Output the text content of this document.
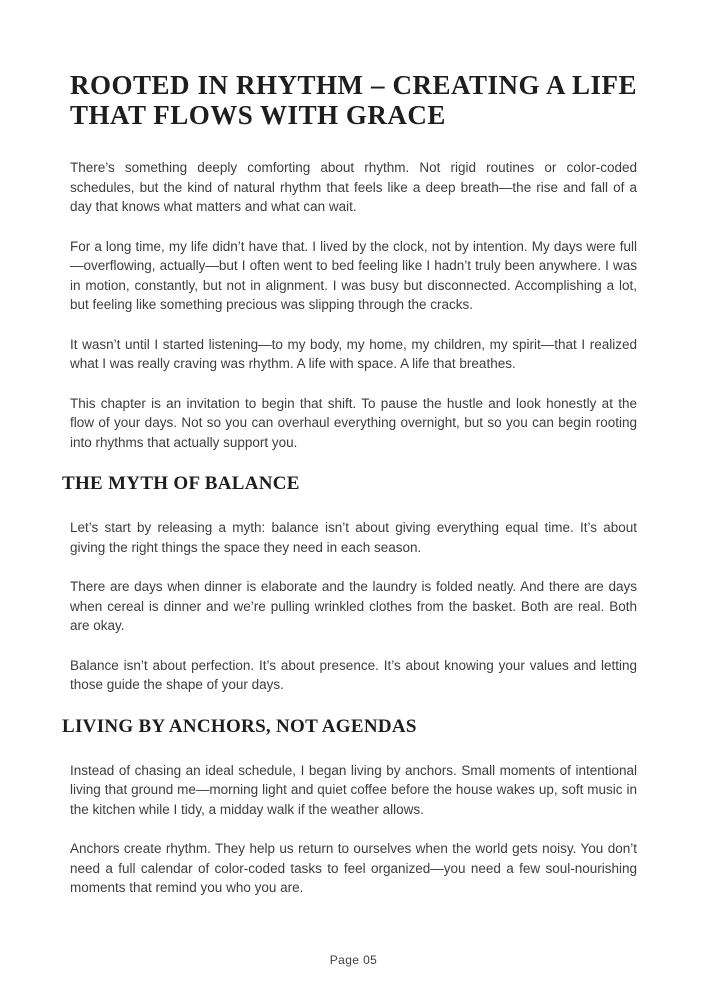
ROOTED IN RHYTHM – CREATING A LIFE
THAT FLOWS WITH GRACE

There’s something deeply comforting about rhythm. Not rigid routines or color-coded schedules, but the kind of natural rhythm that feels like a deep breath—the rise and fall of a day that knows what matters and what can wait.

For a long time, my life didn’t have that. I lived by the clock, not by intention. My days were full—overflowing, actually—but I often went to bed feeling like I hadn’t truly been anywhere. I was in motion, constantly, but not in alignment. I was busy but disconnected. Accomplishing a lot, but feeling like something precious was slipping through the cracks.

It wasn’t until I started listening—to my body, my home, my children, my spirit—that I realized what I was really craving was rhythm. A life with space. A life that breathes.

This chapter is an invitation to begin that shift. To pause the hustle and look honestly at the flow of your days. Not so you can overhaul everything overnight, but so you can begin rooting into rhythms that actually support you.

THE MYTH OF BALANCE

Let’s start by releasing a myth: balance isn’t about giving everything equal time. It’s about giving the right things the space they need in each season.

There are days when dinner is elaborate and the laundry is folded neatly. And there are days when cereal is dinner and we’re pulling wrinkled clothes from the basket. Both are real. Both are okay.

Balance isn’t about perfection. It’s about presence. It’s about knowing your values and letting those guide the shape of your days.

LIVING BY ANCHORS, NOT AGENDAS

Instead of chasing an ideal schedule, I began living by anchors. Small moments of intentional living that ground me—morning light and quiet coffee before the house wakes up, soft music in the kitchen while I tidy, a midday walk if the weather allows.

Anchors create rhythm. They help us return to ourselves when the world gets noisy. You don’t need a full calendar of color-coded tasks to feel organized—you need a few soul-nourishing moments that remind you who you are.

Page 05
